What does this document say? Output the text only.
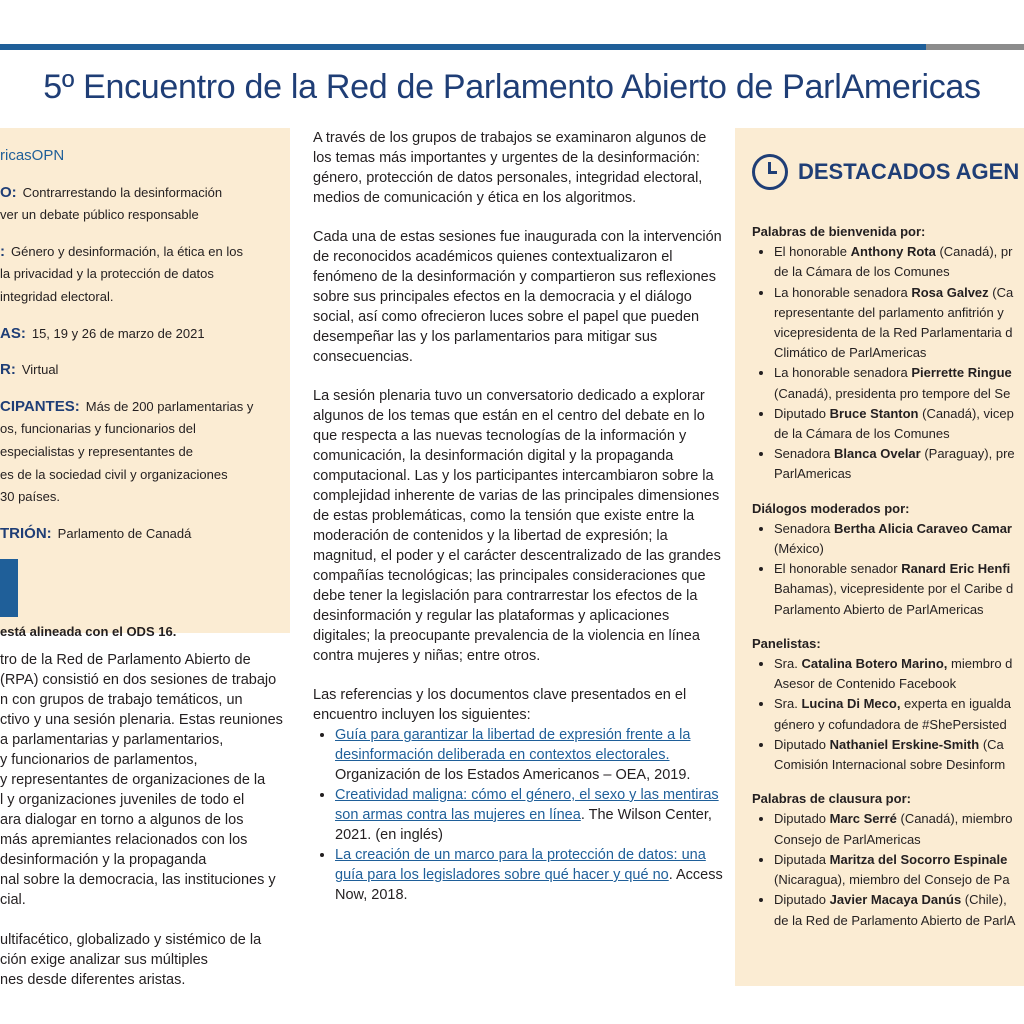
5º Encuentro de la Red de Parlamento Abierto de ParlAmericas
ricasOPN
O: Contrarrestando la desinformación
ver un debate público responsable
: Género y desinformación, la ética en los
la privacidad y la protección de datos
integridad electoral.
AS: 15, 19 y 26 de marzo de 2021
R: Virtual
CIPANTES: Más de 200 parlamentarias y
os, funcionarias y funcionarios del
especialistas y representantes de
es de la sociedad civil y organizaciones
30 países.
TRIÓN: Parlamento de Canadá
está alineada con el ODS 16.
tro de la Red de Parlamento Abierto de
(RPA) consistió en dos sesiones de trabajo
n con grupos de trabajo temáticos, un
ctivo y una sesión plenaria. Estas reuniones
a parlamentarias y parlamentarios,
y funcionarios de parlamentos,
y representantes de organizaciones de la
l y organizaciones juveniles de todo el
ara dialogar en torno a algunos de los
más apremiantes relacionados con los
desinformación y la propaganda
nal sobre la democracia, las instituciones y
cial.

ultifacético, globalizado y sistémico de la
ción exige analizar sus múltiples
nes desde diferentes aristas.

A través de los grupos de trabajos se examinaron algunos de los temas más importantes y urgentes de la desinformación: género, protección de datos personales, integridad electoral, medios de comunicación y ética en los algoritmos.

Cada una de estas sesiones fue inaugurada con la intervención de reconocidos académicos quienes contextualizaron el fenómeno de la desinformación y compartieron sus reflexiones sobre sus principales efectos en la democracia y el diálogo social, así como ofrecieron luces sobre el papel que pueden desempeñar las y los parlamentarios para mitigar sus consecuencias.

La sesión plenaria tuvo un conversatorio dedicado a explorar algunos de los temas que están en el centro del debate en lo que respecta a las nuevas tecnologías de la información y comunicación, la desinformación digital y la propaganda computacional. Las y los participantes intercambiaron sobre la complejidad inherente de varias de las principales dimensiones de estas problemáticas, como la tensión que existe entre la moderación de contenidos y la libertad de expresión; la magnitud, el poder y el carácter descentralizado de las grandes compañías tecnológicas; las principales consideraciones que debe tener la legislación para contrarrestar los efectos de la desinformación y regular las plataformas y aplicaciones digitales; la preocupante prevalencia de la violencia en línea contra mujeres y niñas; entre otros.

Las referencias y los documentos clave presentados en el encuentro incluyen los siguientes:

• Guía para garantizar la libertad de expresión frente a la desinformación deliberada en contextos electorales. Organización de los Estados Americanos – OEA, 2019.
• Creatividad maligna: cómo el género, el sexo y las mentiras son armas contra las mujeres en línea. The Wilson Center, 2021. (en inglés)
• La creación de un marco para la protección de datos: una guía para los legisladores sobre qué hacer y qué no. Access Now, 2018.
DESTACADOS AGEN
Palabras de bienvenida por:
• El honorable Anthony Rota (Canadá), pr
de la Cámara de los Comunes
• La honorable senadora Rosa Galvez (Ca
representante del parlamento anfitrión y
vicepresidenta de la Red Parlamentaria d
Climático de ParlAmericas
• La honorable senadora Pierrette Ringue
(Canadá), presidenta pro tempore del Se
• Diputado Bruce Stanton (Canadá), vicep
de la Cámara de los Comunes
• Senadora Blanca Ovelar (Paraguay), pre
ParlAmericas
Diálogos moderados por:
• Senadora Bertha Alicia Caraveo Camar
(México)
• El honorable senador Ranard Eric Henfi
Bahamas), vicepresidente por el Caribe d
Parlamento Abierto de ParlAmericas
Panelistas:
• Sra. Catalina Botero Marino, miembro d
Asesor de Contenido Facebook
• Sra. Lucina Di Meco, experta en igualda
género y cofundadora de #ShePersisted
• Diputado Nathaniel Erskine-Smith (Ca
Comisión Internacional sobre Desinform
Palabras de clausura por:
• Diputado Marc Serré (Canadá), miembro
Consejo de ParlAmericas
• Diputada Maritza del Socorro Espinale
(Nicaragua), miembro del Consejo de Pa
• Diputado Javier Macaya Danús (Chile),
de la Red de Parlamento Abierto de ParlA
